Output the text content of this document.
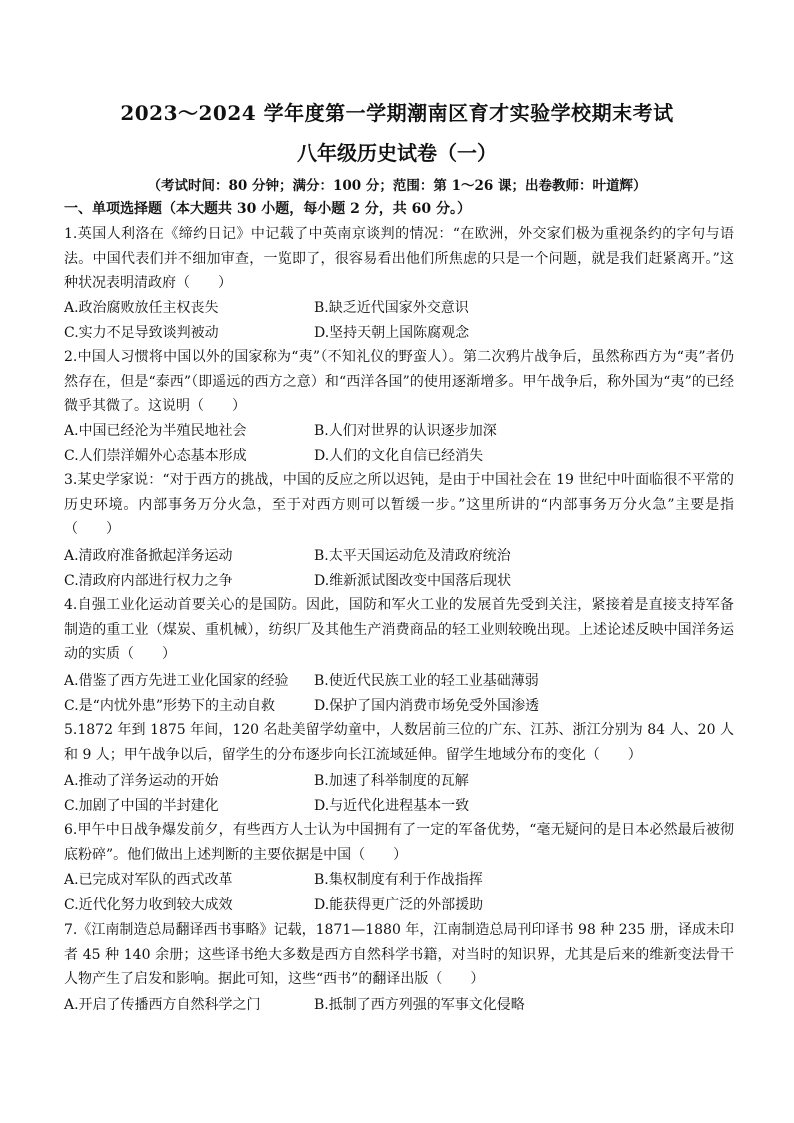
2023～2024 学年度第一学期潮南区育才实验学校期末考试
八年级历史试卷（一）
（考试时间：80 分钟；满分：100 分；范围：第 1～26 课；出卷教师：叶道辉）
一、单项选择题（本大题共 30 小题，每小题 2 分，共 60 分。）
1.英国人利洛在《缔约日记》中记载了中英南京谈判的情况：“在欧洲，外交家们极为重视条约的字句与语法。中国代表们并不细加审查，一览即了，很容易看出他们所焦虑的只是一个问题，就是我们赶紧离开。”这种状况表明清政府（　　）
A.政治腐败放任主权丧失	B.缺乏近代国家外交意识
C.实力不足导致谈判被动	D.坚持天朝上国陈腐观念
2.中国人习惯将中国以外的国家称为“夷”（不知礼仪的野蛮人）。第二次鸦片战争后，虽然称西方为“夷”者仍然存在，但是“泰西”（即遥远的西方之意）和“西洋各国”的使用逐渐增多。甲午战争后，称外国为“夷”的已经微乎其微了。这说明（　　）
A.中国已经沦为半殖民地社会	B.人们对世界的认识逐步加深
C.人们崇洋媚外心态基本形成	D.人们的文化自信已经消失
3.某史学家说：“对于西方的挑战，中国的反应之所以迟钝，是由于中国社会在 19 世纪中叶面临很不平常的历史环境。内部事务万分火急，至于对西方则可以暂缓一步。”这里所讲的“内部事务万分火急”主要是指（　　）
A.清政府准备掀起洋务运动	B.太平天国运动危及清政府统治
C.清政府内部进行权力之争	D.维新派试图改变中国落后现状
4.自强工业化运动首要关心的是国防。因此，国防和军火工业的发展首先受到关注，紧接着是直接支持军备制造的重工业（煤炭、重机械），纺织厂及其他生产消费商品的轻工业则较晚出现。上述论述反映中国洋务运动的实质（　　）
A.借鉴了西方先进工业化国家的经验 B.使近代民族工业的轻工业基础薄弱
C.是“内忧外患”形势下的主动自救	D.保护了国内消费市场免受外国渗透
5.1872 年到 1875 年间，120 名赴美留学幼童中，人数居前三位的广东、江苏、浙江分别为 84 人、20 人和 9 人；甲午战争以后，留学生的分布逐步向长江流域延伸。留学生地域分布的变化（　　）
A.推动了洋务运动的开始	B.加速了科举制度的瓦解
C.加剧了中国的半封建化	D.与近代化进程基本一致
6.甲午中日战争爆发前夕，有些西方人士认为中国拥有了一定的军备优势，“毫无疑问的是日本必然最后被彻底粉碎”。他们做出上述判断的主要依据是中国（　　）
A.已完成对军队的西式改革	B.集权制度有利于作战指挥
C.近代化努力收到较大成效	D.能获得更广泛的外部援助
7.《江南制造总局翻译西书事略》记载，1871—1880 年，江南制造总局刊印译书 98 种 235 册，译成未印者 45 种 140 余册；这些译书绝大多数是西方自然科学书籍，对当时的知识界，尤其是后来的维新变法骨干人物产生了启发和影响。据此可知，这些“西书”的翻译出版（　　）
A.开启了传播西方自然科学之门	B.抵制了西方列强的军事文化侵略
